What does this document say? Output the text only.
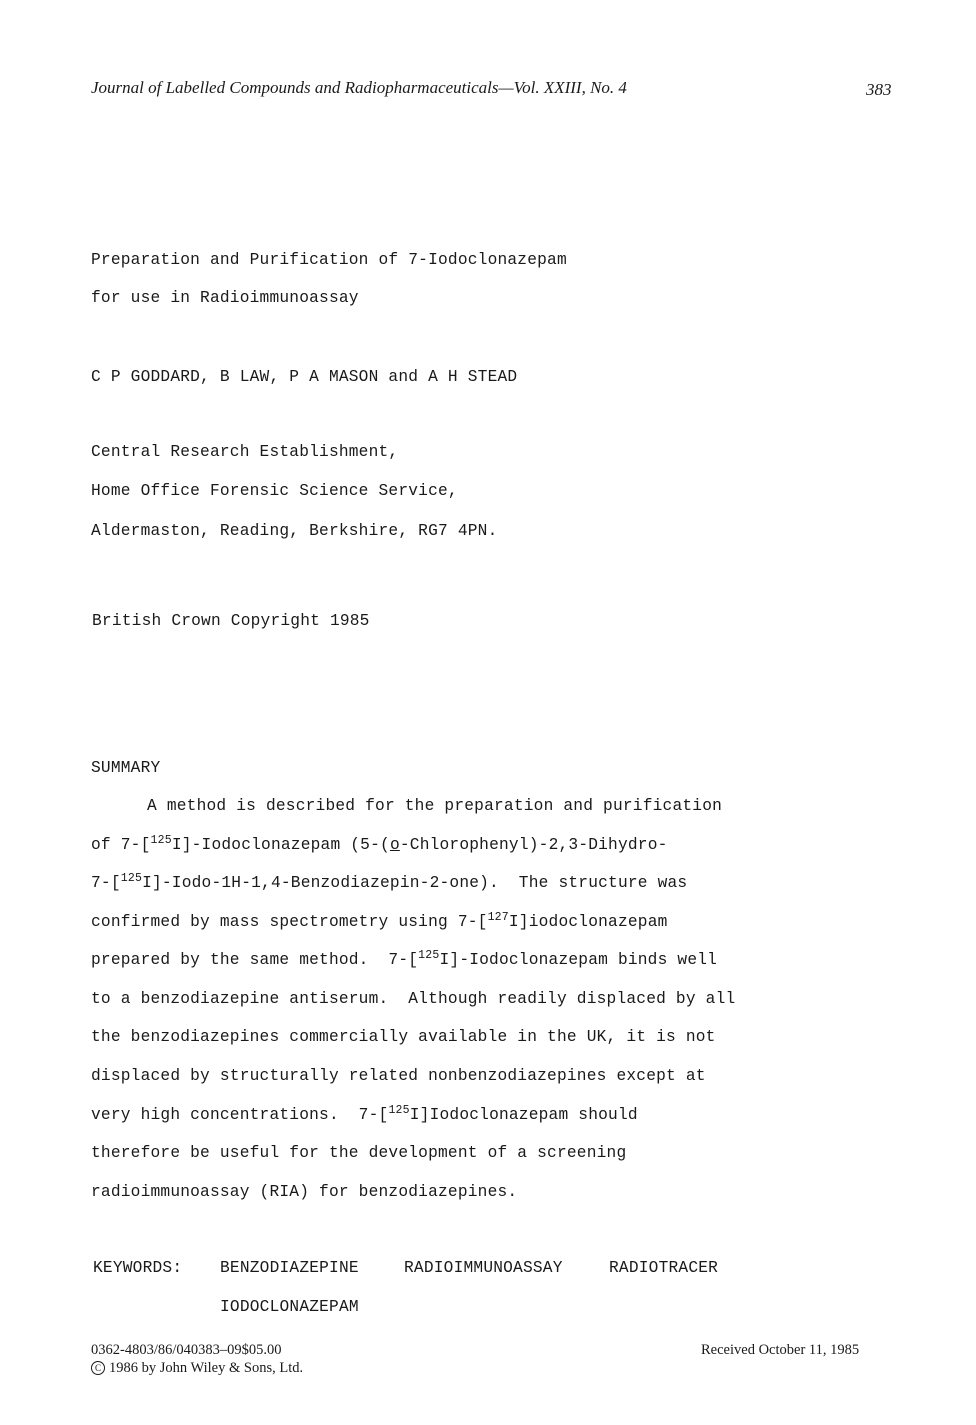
Journal of Labelled Compounds and Radiopharmaceuticals—Vol. XXIII, No. 4	383
Preparation and Purification of 7-Iodoclonazepam
for use in Radioimmunoassay
C P GODDARD, B LAW, P A MASON and A H STEAD
Central Research Establishment,
Home Office Forensic Science Service,
Aldermaston, Reading, Berkshire, RG7 4PN.
British Crown Copyright 1985
SUMMARY
A method is described for the preparation and purification
of 7-[$^{125}$I]-Iodoclonazepam (5-(o-Chlorophenyl)-2,3-Dihydro-
7-[$^{125}$I]-Iodo-1H-1,4-Benzodiazepin-2-one).  The structure was
confirmed by mass spectrometry using 7-[$^{127}$I]iodoclonazepam
prepared by the same method.  7-[$^{125}$I]-Iodoclonazepam binds well
to a benzodiazepine antiserum.  Although readily displaced by all
the benzodiazepines commercially available in the UK, it is not
displaced by structurally related nonbenzodiazepines except at
very high concentrations.  7-[$^{125}$I]Iodoclonazepam should
therefore be useful for the development of a screening
radioimmunoassay (RIA) for benzodiazepines.
KEYWORDS: BENZODIAZEPINE	RADIOIMMUNOASSAY	RADIOTRACER
IODOCLONAZEPAM
0362-4803/86/040383–09$05.00
C 1986 by John Wiley & Sons, Ltd.
Received October 11, 1985
